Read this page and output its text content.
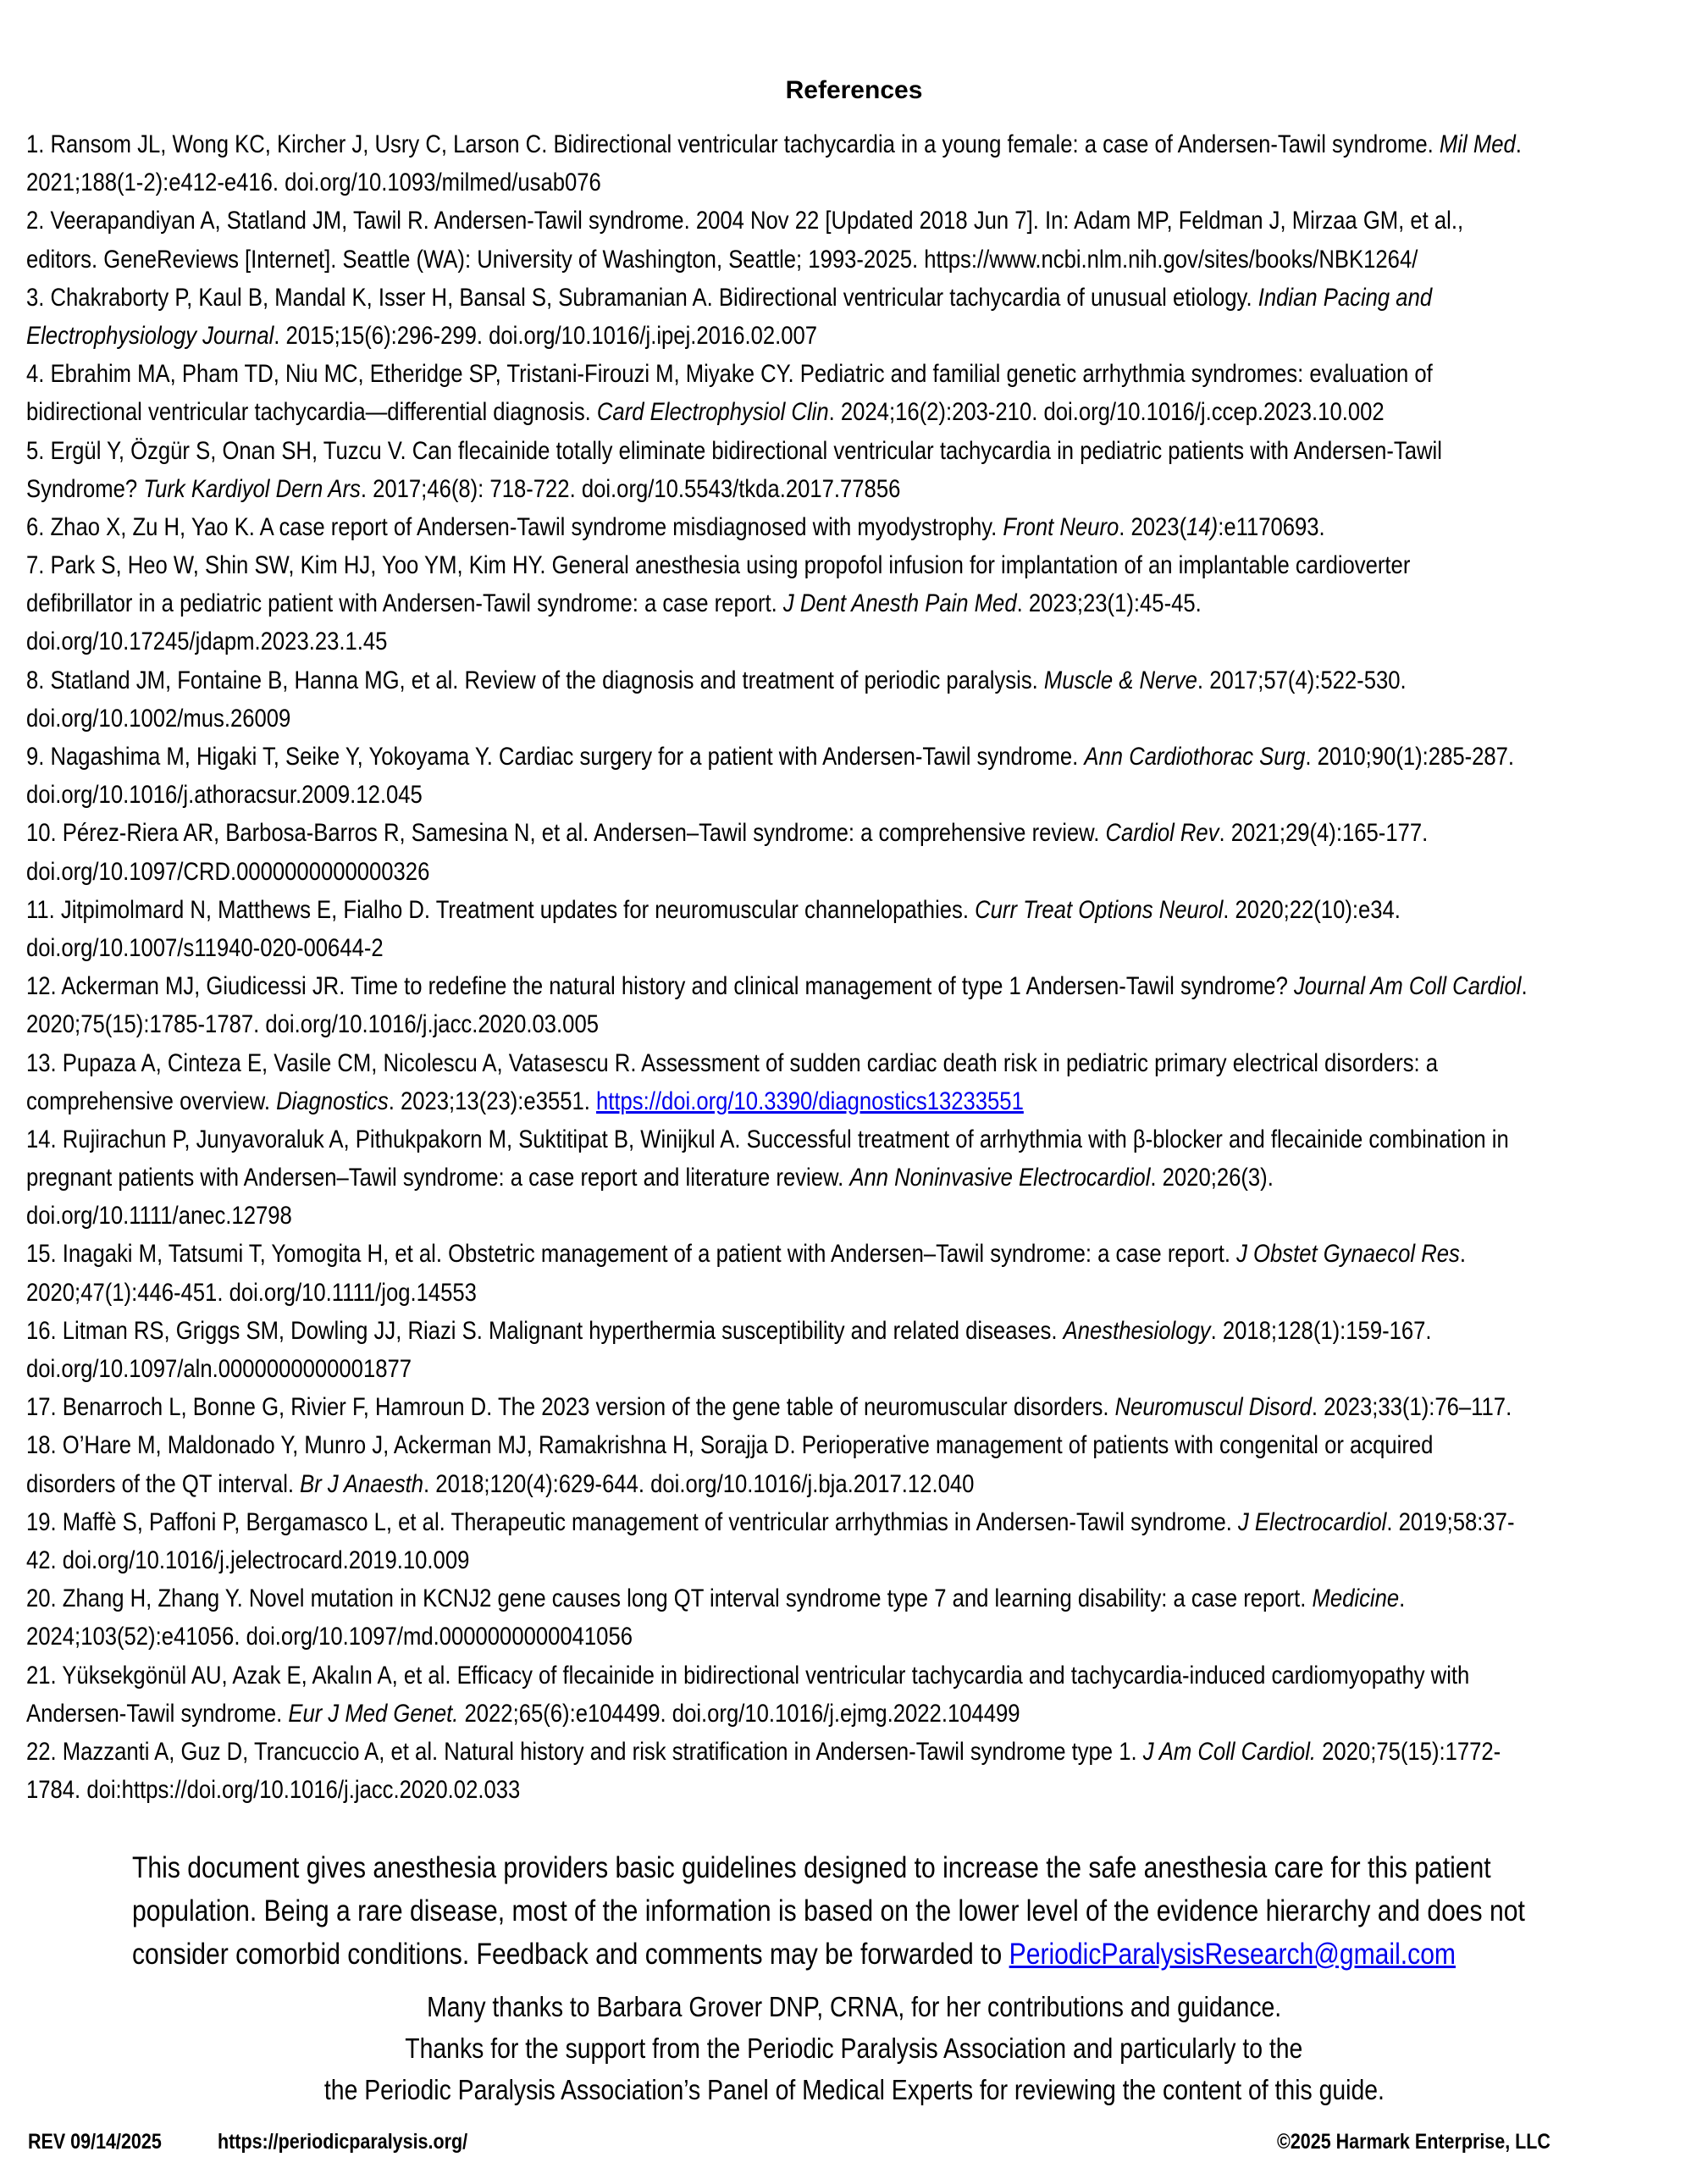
References
1. Ransom JL, Wong KC, Kircher J, Usry C, Larson C. Bidirectional ventricular tachycardia in a young female: a case of Andersen-Tawil syndrome. Mil Med.
2021;188(1-2):e412-e416. doi.org/10.1093/milmed/usab076
2. Veerapandiyan A, Statland JM, Tawil R. Andersen-Tawil syndrome. 2004 Nov 22 [Updated 2018 Jun 7]. In: Adam MP, Feldman J, Mirzaa GM, et al.,
editors. GeneReviews [Internet]. Seattle (WA): University of Washington, Seattle; 1993-2025. https://www.ncbi.nlm.nih.gov/sites/books/NBK1264/
3. Chakraborty P, Kaul B, Mandal K, Isser H, Bansal S, Subramanian A. Bidirectional ventricular tachycardia of unusual etiology. Indian Pacing and
Electrophysiology Journal. 2015;15(6):296-299. doi.org/10.1016/j.ipej.2016.02.007
4. Ebrahim MA, Pham TD, Niu MC, Etheridge SP, Tristani-Firouzi M, Miyake CY. Pediatric and familial genetic arrhythmia syndromes: evaluation of
bidirectional ventricular tachycardia—differential diagnosis. Card Electrophysiol Clin. 2024;16(2):203-210. doi.org/10.1016/j.ccep.2023.10.002
5. Ergül Y, Özgür S, Onan SH, Tuzcu V. Can flecainide totally eliminate bidirectional ventricular tachycardia in pediatric patients with Andersen-Tawil
Syndrome? Turk Kardiyol Dern Ars. 2017;46(8): 718-722. doi.org/10.5543/tkda.2017.77856
6. Zhao X, Zu H, Yao K. A case report of Andersen-Tawil syndrome misdiagnosed with myodystrophy. Front Neuro. 2023(14):e1170693.
7. Park S, Heo W, Shin SW, Kim HJ, Yoo YM, Kim HY. General anesthesia using propofol infusion for implantation of an implantable cardioverter
defibrillator in a pediatric patient with Andersen-Tawil syndrome: a case report. J Dent Anesth Pain Med. 2023;23(1):45-45.
doi.org/10.17245/jdapm.2023.23.1.45
8. Statland JM, Fontaine B, Hanna MG, et al. Review of the diagnosis and treatment of periodic paralysis. Muscle & Nerve. 2017;57(4):522-530.
doi.org/10.1002/mus.26009
9. Nagashima M, Higaki T, Seike Y, Yokoyama Y. Cardiac surgery for a patient with Andersen-Tawil syndrome. Ann Cardiothorac Surg. 2010;90(1):285-287.
doi.org/10.1016/j.athoracsur.2009.12.045
10. Pérez-Riera AR, Barbosa-Barros R, Samesina N, et al. Andersen–Tawil syndrome: a comprehensive review. Cardiol Rev. 2021;29(4):165-177.
doi.org/10.1097/CRD.0000000000000326
11. Jitpimolmard N, Matthews E, Fialho D. Treatment updates for neuromuscular channelopathies. Curr Treat Options Neurol. 2020;22(10):e34.
doi.org/10.1007/s11940-020-00644-2
12. Ackerman MJ, Giudicessi JR. Time to redefine the natural history and clinical management of type 1 Andersen-Tawil syndrome? Journal Am Coll Cardiol.
2020;75(15):1785-1787. doi.org/10.1016/j.jacc.2020.03.005
13. Pupaza A, Cinteza E, Vasile CM, Nicolescu A, Vatasescu R. Assessment of sudden cardiac death risk in pediatric primary electrical disorders: a
comprehensive overview. Diagnostics. 2023;13(23):e3551. https://doi.org/10.3390/diagnostics13233551
14. Rujirachun P, Junyavoraluk A, Pithukpakorn M, Suktitipat B, Winijkul A. Successful treatment of arrhythmia with β-blocker and flecainide combination in
pregnant patients with Andersen–Tawil syndrome: a case report and literature review. Ann Noninvasive Electrocardiol. 2020;26(3).
doi.org/10.1111/anec.12798
15. Inagaki M, Tatsumi T, Yomogita H, et al. Obstetric management of a patient with Andersen–Tawil syndrome: a case report. J Obstet Gynaecol Res.
2020;47(1):446-451. doi.org/10.1111/jog.14553
16. Litman RS, Griggs SM, Dowling JJ, Riazi S. Malignant hyperthermia susceptibility and related diseases. Anesthesiology. 2018;128(1):159-167.
doi.org/10.1097/aln.0000000000001877
17. Benarroch L, Bonne G, Rivier F, Hamroun D. The 2023 version of the gene table of neuromuscular disorders. Neuromuscul Disord. 2023;33(1):76–117.
18. O’Hare M, Maldonado Y, Munro J, Ackerman MJ, Ramakrishna H, Sorajja D. Perioperative management of patients with congenital or acquired
disorders of the QT interval. Br J Anaesth. 2018;120(4):629-644. doi.org/10.1016/j.bja.2017.12.040
19. Maffè S, Paffoni P, Bergamasco L, et al. Therapeutic management of ventricular arrhythmias in Andersen-Tawil syndrome. J Electrocardiol. 2019;58:37-
42. doi.org/10.1016/j.jelectrocard.2019.10.009
20. Zhang H, Zhang Y. Novel mutation in KCNJ2 gene causes long QT interval syndrome type 7 and learning disability: a case report. Medicine.
2024;103(52):e41056. doi.org/10.1097/md.0000000000041056
21. Yüksekgönül AU, Azak E, Akalın A, et al. Efficacy of flecainide in bidirectional ventricular tachycardia and tachycardia-induced cardiomyopathy with
Andersen-Tawil syndrome. Eur J Med Genet. 2022;65(6):e104499. doi.org/10.1016/j.ejmg.2022.104499
22. Mazzanti A, Guz D, Trancuccio A, et al. Natural history and risk stratification in Andersen-Tawil syndrome type 1. J Am Coll Cardiol. 2020;75(15):1772-
1784. doi:https://doi.org/10.1016/j.jacc.2020.02.033
This document gives anesthesia providers basic guidelines designed to increase the safe anesthesia care for this patient
population. Being a rare disease, most of the information is based on the lower level of the evidence hierarchy and does not
consider comorbid conditions. Feedback and comments may be forwarded to PeriodicParalysisResearch@gmail.com
Many thanks to Barbara Grover DNP, CRNA, for her contributions and guidance.
Thanks for the support from the Periodic Paralysis Association and particularly to the
the Periodic Paralysis Association’s Panel of Medical Experts for reviewing the content of this guide.
REV 09/14/2025	https://periodicparalysis.org/	©2025 Harmark Enterprise, LLC
